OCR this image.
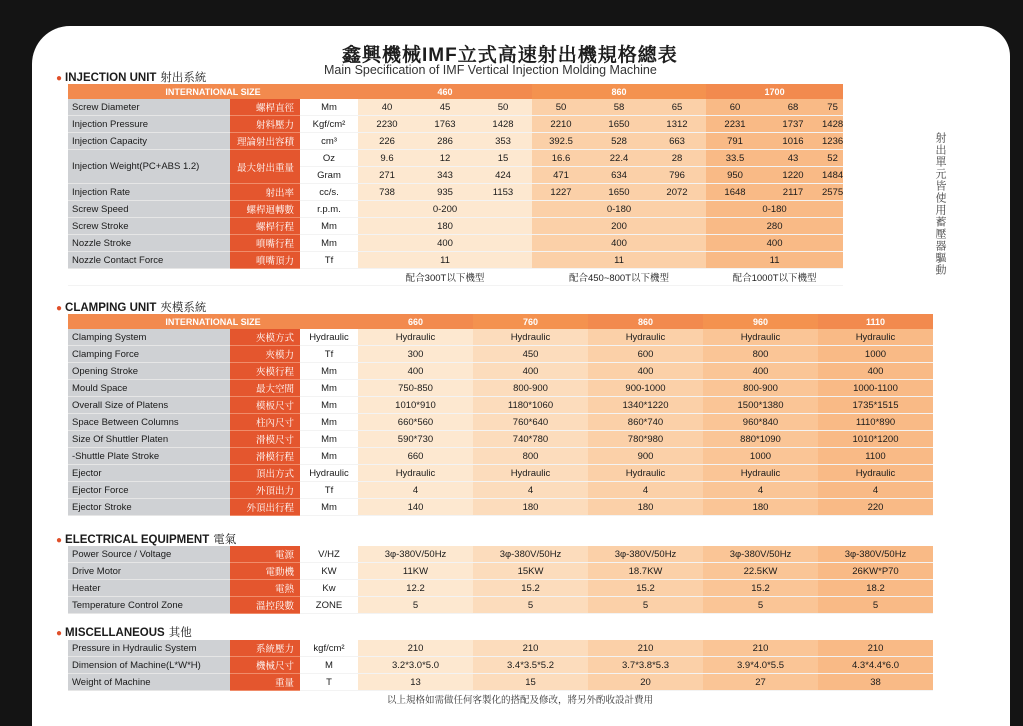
鑫興機械IMF立式高速射出機規格總表
Main Specification of IMF Vertical Injection Molding Machine
● INJECTION UNIT 射出系統
INTERNATIONAL SIZE			460			860			1700		
Screw Diameter	螺桿直徑	Mm	40	45	50	50	58	65	60	68	75
Injection Pressure	射料壓力	Kgf/cm²	2230	1763	1428	2210	1650	1312	2231	1737	1428
Injection Capacity	理論射出容積	cm³	226	286	353	392.5	528	663	791	1016	1236
Injection Weight(PC+ABS 1.2)	最大射出重量	Oz	9.6	12	15	16.6	22.4	28	33.5	43	52
		Gram	271	343	424	471	634	796	950	1220	1484
Injection Rate	射出率	cc/s.	738	935	1153	1227	1650	2072	1648	2117	2575
Screw Speed	螺桿迴轉數	r.p.m.	0-200			0-180			0-180		
Screw Stroke	螺桿行程	Mm	180			200			280		
Nozzle Stroke	噴嘴行程	Mm	400			400			400		
Nozzle Contact Force	噴嘴頂力	Tf	11			11			11		
			配合300T以下機型			配合450~800T以下機型			配合1000T以下機型		
射出單元皆使用蓄壓器驅動
● CLAMPING UNIT 夾模系統
INTERNATIONAL SIZE			660	760	860	960	1110
Clamping System	夾模方式	Hydraulic	Hydraulic	Hydraulic	Hydraulic	Hydraulic	Hydraulic
Clamping Force	夾模力	Tf	300	450	600	800	1000
Opening Stroke	夾模行程	Mm	400	400	400	400	400
Mould Space	最大空間	Mm	750-850	800-900	900-1000	800-900	1000-1100
Overall Size of Platens	模板尺寸	Mm	1010*910	1180*1060	1340*1220	1500*1380	1735*1515
Space Between Columns	柱內尺寸	Mm	660*560	760*640	860*740	960*840	1110*890
Size Of Shuttler Platen	滑模尺寸	Mm	590*730	740*780	780*980	880*1090	1010*1200
-Shuttle Plate Stroke	滑模行程	Mm	660	800	900	1000	1100
Ejector	頂出方式	Hydraulic	Hydraulic	Hydraulic	Hydraulic	Hydraulic	Hydraulic
Ejector Force	外頂出力	Tf	4	4	4	4	4
Ejector Stroke	外頂出行程	Mm	140	180	180	180	220
● ELECTRICAL EQUIPMENT 電氣
Power Source / Voltage	電源	V/HZ	3φ-380V/50Hz	3φ-380V/50Hz	3φ-380V/50Hz	3φ-380V/50Hz	3φ-380V/50Hz
Drive Motor	電動機	KW	11KW	15KW	18.7KW	22.5KW	26KW*P70
Heater	電熱	Kw	12.2	15.2	15.2	15.2	18.2
Temperature Control Zone	溫控段數	ZONE	5	5	5	5	5
● MISCELLANEOUS 其他
Pressure in Hydraulic System	系統壓力	kgf/cm²	210	210	210	210	210
Dimension of Machine(L*W*H)	機械尺寸	M	3.2*3.0*5.0	3.4*3.5*5.2	3.7*3.8*5.3	3.9*4.0*5.5	4.3*4.4*6.0
Weight of Machine	重量	T	13	15	20	27	38
以上規格如需做任何客製化的搭配及修改，將另外酌收設計費用
